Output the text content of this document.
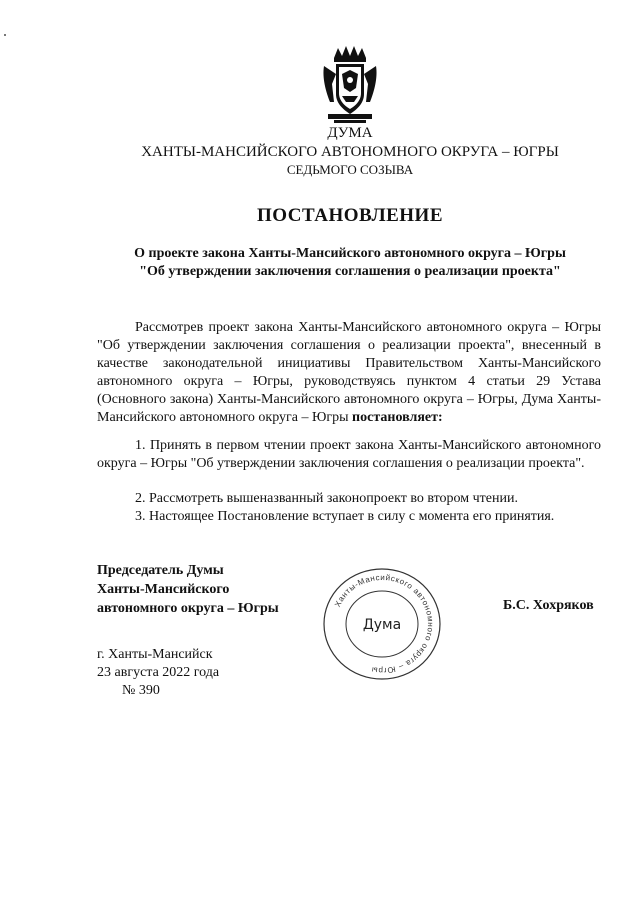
ДУМА
ХАНТЫ-МАНСИЙСКОГО АВТОНОМНОГО ОКРУГА – ЮГРЫ
СЕДЬМОГО СОЗЫВА
ПОСТАНОВЛЕНИЕ
О проекте закона Ханты-Мансийского автономного округа – Югры
"Об утверждении заключения соглашения о реализации проекта"
Рассмотрев проект закона Ханты-Мансийского автономного округа – Югры "Об утверждении заключения соглашения о реализации проекта", внесенный в качестве законодательной инициативы Правительством Ханты-Мансийского автономного округа – Югры, руководствуясь пунктом 4 статьи 29 Устава (Основного закона) Ханты-Мансийского автономного округа – Югры, Дума Ханты-Мансийского автономного округа – Югры постановляет:
1. Принять в первом чтении проект закона Ханты-Мансийского автономного округа – Югры "Об утверждении заключения соглашения о реализации проекта".
2. Рассмотреть вышеназванный законопроект во втором чтении.
3. Настоящее Постановление вступает в силу с момента его принятия.
Председатель Думы
Ханты-Мансийского
автономного округа – Югры	Ханты-Мансийского автономного округа – Югры
Дума
Б.С. Хохряков
г. Ханты-Мансийск
23 августа 2022 года
№ 390
